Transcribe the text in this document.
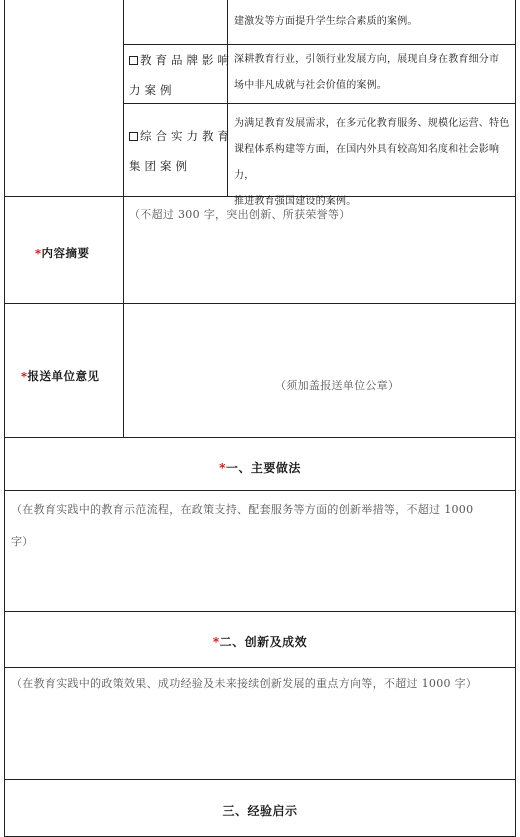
建激发等方面提升学生综合素质的案例。
教育品牌影响
力案例
深耕教育行业，引领行业发展方向，展现自身在教育细分市
场中非凡成就与社会价值的案例。
综合实力教育
集团案例
为满足教育发展需求，在多元化教育服务、规模化运营、特色
课程体系构建等方面，在国内外具有较高知名度和社会影响力，
推进教育强国建设的案例。
*内容摘要
（不超过 300 字，突出创新、所获荣誉等）
*报送单位意见
（须加盖报送单位公章）
*一、主要做法
（在教育实践中的教育示范流程，在政策支持、配套服务等方面的创新举措等，不超过 1000
字）
*二、创新及成效
（在教育实践中的政策效果、成功经验及未来接续创新发展的重点方向等，不超过 1000 字）
三、经验启示
